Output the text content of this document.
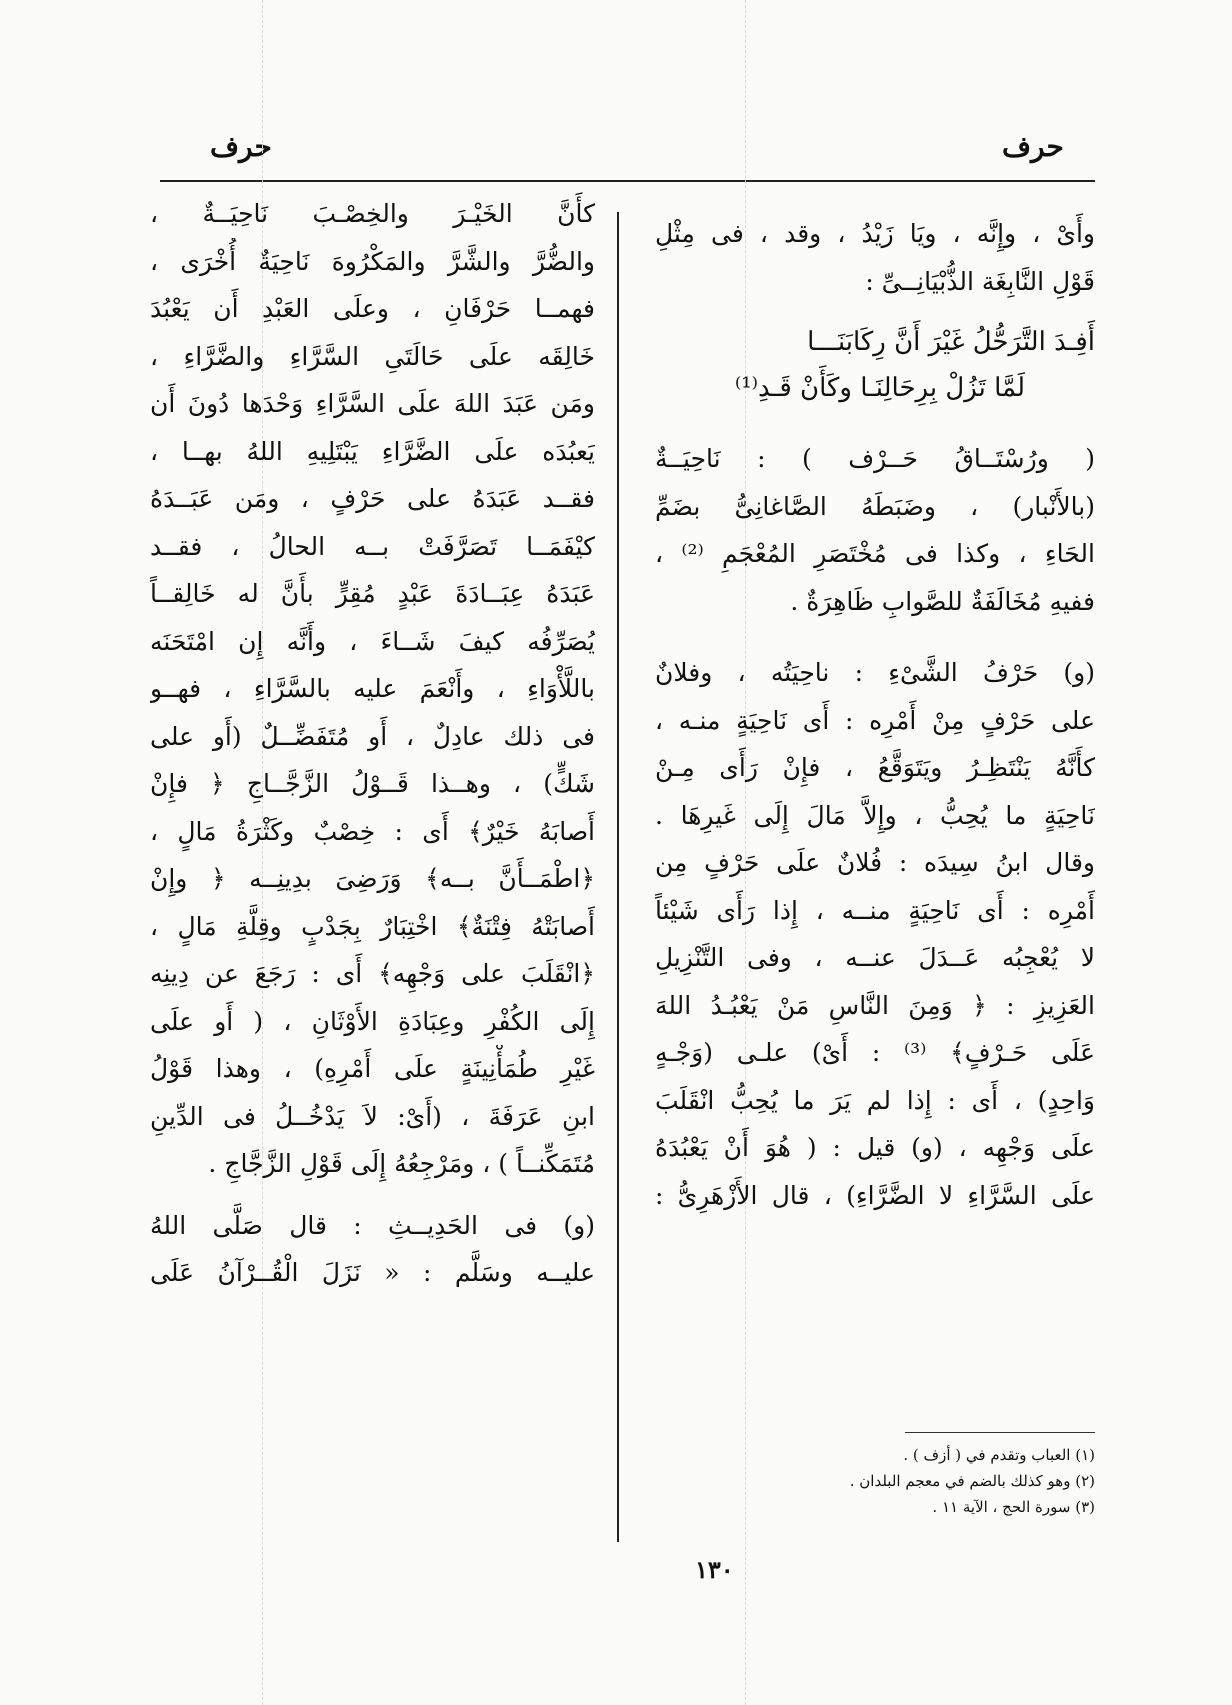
حرف
حرف
وأَىْ ، وإِنَّه ، ويَا زَيْدُ ، وقد ، فى مِثْلِ
قَوْلِ النَّابِغَة الذُّبْيَانِــىِّ :
أَفِـدَ التَّرَحُّلُ غَيْرَ أَنَّ رِكَابَنَـــا
لَمَّا تَزُلْ بِرِحَالِنَـا وكَأَنْ قَـدِ⁽¹⁾
( ورُسْتَــاقُ حَــرْف ) : نَاحِيَــةٌ
(بالأَنْبار) ، وضَبَطَهُ الصَّاغانِىُّ بضَمِّ
الحَاءِ ، وكذا فى مُخْتَصَرِ المُعْجَمِ ⁽²⁾ ،
ففيهِ مُخَالَفَةٌ للصَّوابِ ظَاهِرَةٌ .
(و) حَرْفُ الشَّىْءِ : ناحِيَتُه ، وفلانٌ
على حَرْفٍ مِنْ أَمْرِه : أَى نَاحِيَةٍ منـه ،
كأَنَّهُ يَنْتَظِـرُ ويَتَوَقَّعُ ، فإِنْ رَأَى مِـنْ
نَاحِيَةٍ ما يُحِبُّ ، وإِلاَّ مَالَ إِلَى غَيرِهَا .
وقال ابنُ سِيدَه : فُلانٌ علَى حَرْفٍ مِن
أَمْرِه : أَى نَاحِيَةٍ منــه ، إِذا رَأَى شَيْئاً
لا يُعْجِبُه عَــدَلَ عنــه ، وفى التَّنْزِيلِ
العَزِيزِ : ﴿ وَمِنَ النَّاسِ مَنْ يَعْبُـدُ اللهَ
عَلَى حَـرْفٍ﴾ ⁽³⁾ : أَىْ) علـى (وَجْـهٍ
وَاحِدٍ) ، أَى : إِذا لم يَرَ ما يُحِبُّ انْقَلَبَ
علَى وَجْهِه ، (و) قيل : ( هُوَ أَنْ يَعْبُدَهُ
علَى السَّرَّاءِ لا الضَّرَّاءِ) ، قال الأَزْهَرِىُّ :
كأَنَّ الخَيْـرَ والخِصْـبَ نَاحِيَــةٌ ،
والضُّرَّ والشَّرَّ والمَكْرُوهَ نَاحِيَةٌ أُخْرَى ،
فهمــا حَرْفَانِ ، وعلَى العَبْدِ أَن يَعْبُدَ
خَالِقَه علَى حَالَتَىِ السَّرَّاءِ والضَّرَّاءِ ،
ومَن عَبَدَ اللهَ علَى السَّرَّاءِ وَحْدَها دُونَ أَن
يَعبُدَه علَى الضَّرَّاءِ يَبْتَلِيهِ اللهُ بهــا ،
فقــد عَبَدَهُ على حَرْفٍ ، ومَن عَبَــدَهُ
كيْفَمَــا تَصَرَّفَتْ بــه الحالُ ، فقــد
عَبَدَهُ عِبَــادَةَ عَبْدٍ مُقِرٍّ بأَنَّ له خَالِقــاً
يُصَرِّفُه كيفَ شَــاءَ ، وأَنَّه إِن امْتَحَنَه
باللَّأْوَاءِ ، وأَنْعَمَ عليه بالسَّرَّاءِ ، فهــو
فى ذلك عادِلٌ ، أَو مُتَفَضِّــلٌ (أَو على
شَكٍّ) ، وهــذا قَــوْلُ الزَّجَّــاجِ ﴿ فإِنْ
أَصابَهُ خَيْرٌ﴾ أَى : خِصْبٌ وكَثْرَةُ مَالٍ ،
﴿اطْمَــأَنَّ بــه﴾ وَرَضِىَ بدِينِــه ﴿ وإِنْ
أَصابَتْهُ فِتْنَةٌ﴾ اخْتِبَارٌ بِجَدْبٍ وقِلَّةِ مَالٍ ،
﴿انْقَلَبَ على وَجْهِه﴾ أَى : رَجَعَ عن دِينِه
إِلَى الكُفْرِ وعِبَادَةِ الأَوْثَانِ ، ( أَو علَى
غَيْرِ طُمَأْنِينَةٍ علَى أَمْرِهِ) ، وهذا قَوْلُ
ابنِ عَرَفَةَ ، (أَىْ: لاَ يَدْخُــلُ فى الدِّينِ
مُتَمَكِّنــاً ) ، ومَرْجِعُهُ إِلَى قَوْلِ الزَّجَّاجِ .
(و) فى الحَدِيــثِ : قال صَلَّى اللهُ
عليــه وسَلَّم : « نَزَلَ الْقُــرْآنُ عَلَى
(١) العباب وتقدم في ( أزف ) .
(٢) وهو كذلك بالضم في معجم البلدان .
(٣) سورة الحج ، الآية ١١ .
١٣٠
